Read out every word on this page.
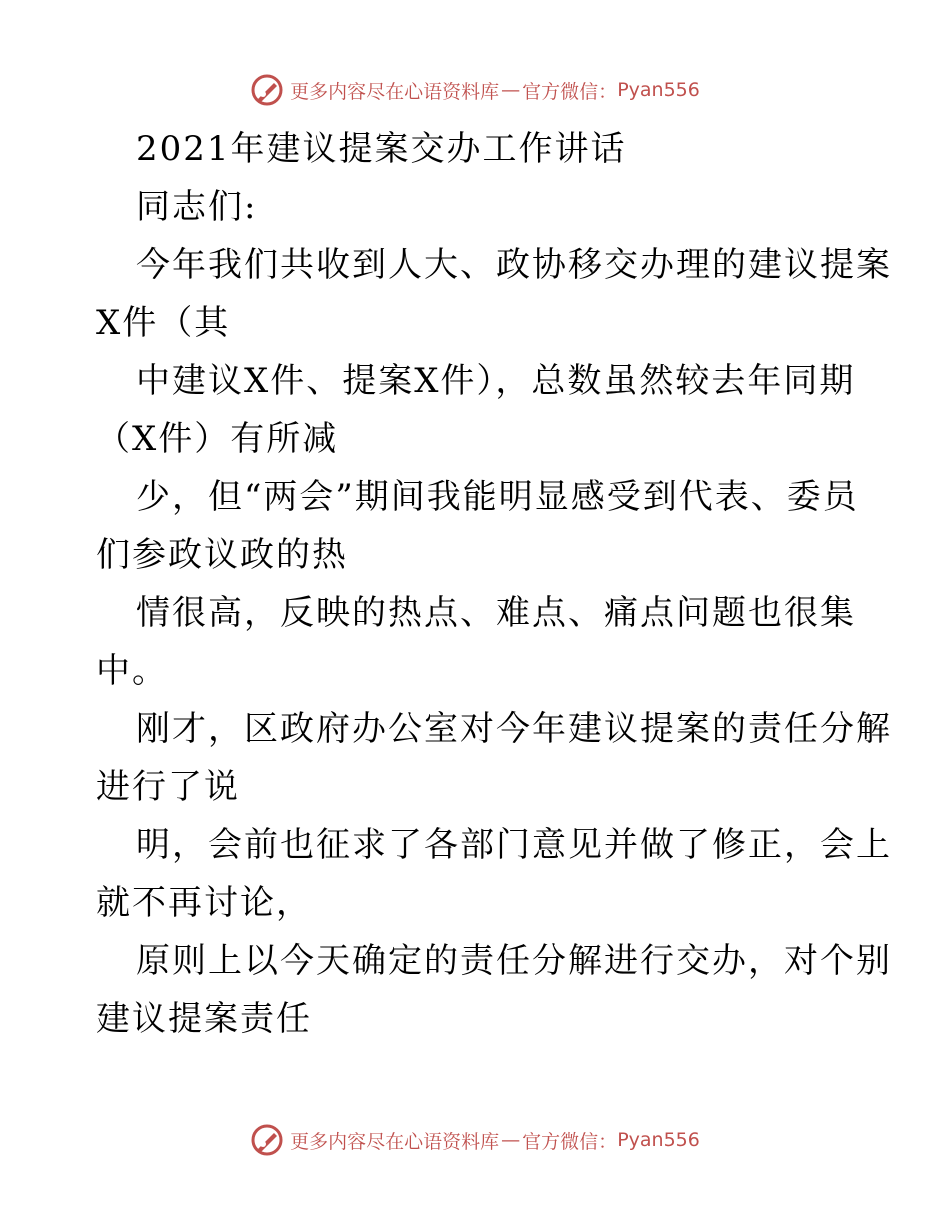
更多内容尽在心语资料库 — 官方微信： Pyan556

2021年建议提案交办工作讲话

同志们:

今年我们共收到人大、政协移交办理的建议提案

X件（其

中建议X件、提案X件），总数虽然较去年同期

（X件）有所减

少，但“两会”期间我能明显感受到代表、委员

们参政议政的热

情很高，反映的热点、难点、痛点问题也很集

中。

刚才，区政府办公室对今年建议提案的责任分解

进行了说

明，会前也征求了各部门意见并做了修正，会上

就不再讨论，

原则上以今天确定的责任分解进行交办，对个别

建议提案责任

更多内容尽在心语资料库 — 官方微信： Pyan556
